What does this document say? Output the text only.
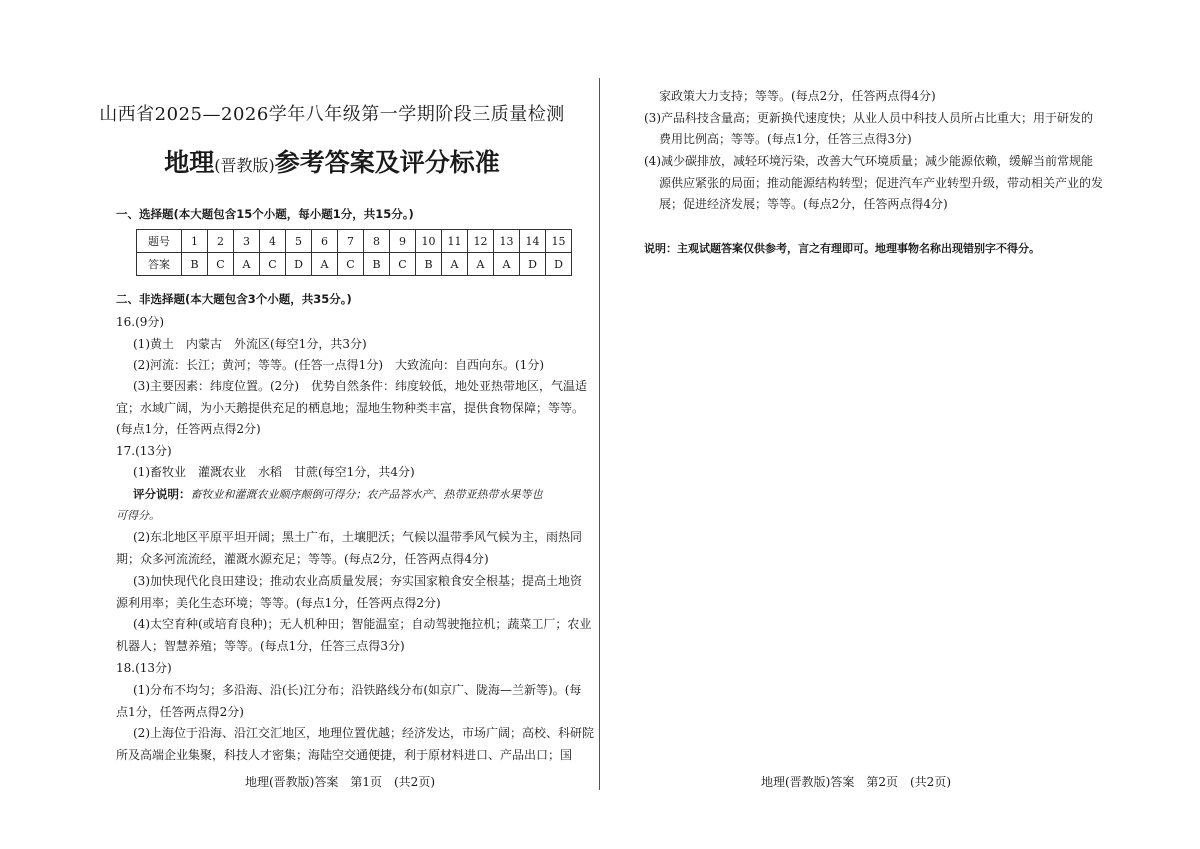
山西省2025—2026学年八年级第一学期阶段三质量检测
地理(晋教版)参考答案及评分标准
一、选择题(本大题包含15个小题，每小题1分，共15分。)
题号	1	2	3	4	5	6	7	8	9	10	11	12	13	14	15
答案	B	C	A	C	D	A	C	B	C	B	A	A	A	D	D
二、非选择题(本大题包含3个小题，共35分。)
16.(9分)
(1)黄土　内蒙古　外流区(每空1分，共3分)
(2)河流：长江；黄河；等等。(任答一点得1分)　大致流向：自西向东。(1分)
(3)主要因素：纬度位置。(2分)　优势自然条件：纬度较低，地处亚热带地区，气温适
宜；水域广阔，为小天鹅提供充足的栖息地；湿地生物种类丰富，提供食物保障；等等。
(每点1分，任答两点得2分)
17.(13分)
(1)畜牧业　灌溉农业　水稻　甘蔗(每空1分，共4分)
评分说明：畜牧业和灌溉农业顺序颠倒可得分；农产品答水产、热带亚热带水果等也
可得分。
(2)东北地区平原平坦开阔；黑土广布，土壤肥沃；气候以温带季风气候为主，雨热同
期；众多河流流经，灌溉水源充足；等等。(每点2分，任答两点得4分)
(3)加快现代化良田建设；推动农业高质量发展；夯实国家粮食安全根基；提高土地资
源利用率；美化生态环境；等等。(每点1分，任答两点得2分)
(4)太空育种(或培育良种)；无人机种田；智能温室；自动驾驶拖拉机；蔬菜工厂；农业
机器人；智慧养殖；等等。(每点1分，任答三点得3分)
18.(13分)
(1)分布不均匀；多沿海、沿(长)江分布；沿铁路线分布(如京广、陇海—兰新等)。(每
点1分，任答两点得2分)
(2)上海位于沿海、沿江交汇地区，地理位置优越；经济发达，市场广阔；高校、科研院
所及高端企业集聚，科技人才密集；海陆空交通便捷，利于原材料进口、产品出口；国
地理(晋教版)答案　第1页　(共2页)
家政策大力支持；等等。(每点2分，任答两点得4分)
(3)产品科技含量高；更新换代速度快；从业人员中科技人员所占比重大；用于研发的
费用比例高；等等。(每点1分，任答三点得3分)
(4)减少碳排放，减轻环境污染，改善大气环境质量；减少能源依赖，缓解当前常规能
源供应紧张的局面；推动能源结构转型；促进汽车产业转型升级，带动相关产业的发
展；促进经济发展；等等。(每点2分，任答两点得4分)
说明：主观试题答案仅供参考，言之有理即可。地理事物名称出现错别字不得分。
地理(晋教版)答案　第2页　(共2页)
